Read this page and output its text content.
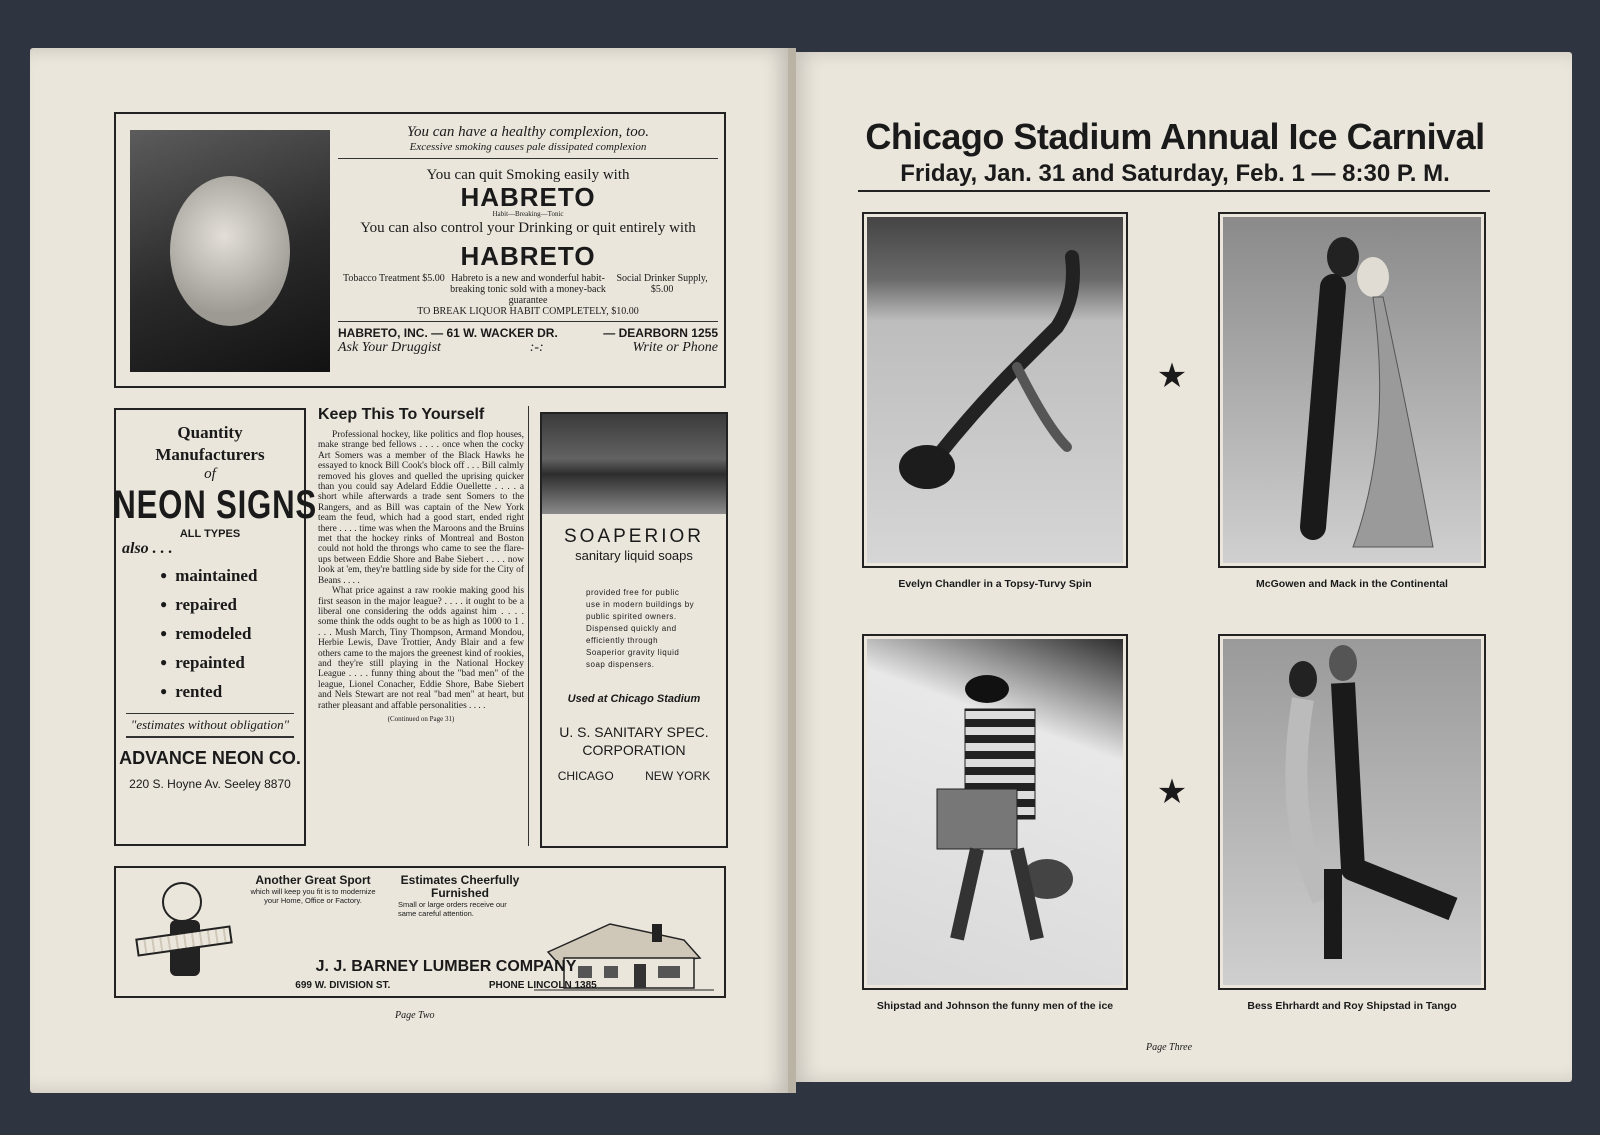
You can have a healthy complexion, too.
Excessive smoking causes pale dissipated complexion
You can quit Smoking easily with
HABRETO
Habit—Breaking—Tonic
You can also control your Drinking or quit entirely with
HABRETO
Tobacco Treatment $5.00 Habreto is a new and wonderful habit-breaking tonic sold with a money-back guarantee
Social Drinker Supply, $5.00
TO BREAK LIQUOR HABIT COMPLETELY, $10.00
HABRETO, INC. — 61 W. WACKER DR.	— DEARBORN 1255
Ask Your Druggist	:-:	Write or Phone
Quantity
Manufacturers
of
NEON SIGNS
ALL TYPES
also . . .
● maintained
● repaired
● remodeled
● repainted
● rented
"estimates without obligation"
ADVANCE NEON CO.
220 S. Hoyne Av. Seeley 8870
Keep This To Yourself

Professional hockey, like politics and flop houses, make strange bed fellows . . . . once when the cocky Art Somers was a member of the Black Hawks he essayed to knock Bill Cook's block off . . . Bill calmly removed his gloves and quelled the uprising quicker than you could say Adelard Eddie Ouellette . . . . a short while afterwards a trade sent Somers to the Rangers, and as Bill was captain of the New York team the feud, which had a good start, ended right there . . . . time was when the Maroons and the Bruins met that the hockey rinks of Montreal and Boston could not hold the throngs who came to see the flare-ups between Eddie Shore and Babe Siebert . . . . now look at 'em, they're battling side by side for the City of Beans . . . .

What price against a raw rookie making good his first season in the major league? . . . . it ought to be a liberal one considering the odds against him . . . . some think the odds ought to be as high as 1000 to 1 . . . . Mush March, Tiny Thompson, Armand Mondou, Herbie Lewis, Dave Trottier, Andy Blair and a few others came to the majors the greenest kind of rookies, and they're still playing in the National Hockey League . . . . funny thing about the "bad men" of the league, Lionel Conacher, Eddie Shore, Babe Siebert and Nels Stewart are not real "bad men" at heart, but rather pleasant and affable personalities . . . .

(Continued on Page 31)
SOAPERIOR
sanitary liquid soaps
provided free for public use in modern buildings by public spirited owners. Dispensed quickly and efficiently through Soaperior gravity liquid soap dispensers.
Used at Chicago Stadium
U. S. SANITARY SPEC.
CORPORATION
CHICAGO	NEW YORK
Another Great Sport
which will keep you fit is to modernize your Home, Office or Factory.
Estimates Cheerfully Furnished
Small or large orders receive our same careful attention.
J. J. BARNEY LUMBER COMPANY
699 W. DIVISION ST.	PHONE LINCOLN 1385
Page Two
Chicago Stadium Annual Ice Carnival
Friday, Jan. 31 and Saturday, Feb. 1 — 8:30 P. M.
Evelyn Chandler in a Topsy-Turvy Spin	McGowen and Mack in the Continental
★
Shipstad and Johnson the funny men of the ice	Bess Ehrhardt and Roy Shipstad in Tango
★
Page Three
